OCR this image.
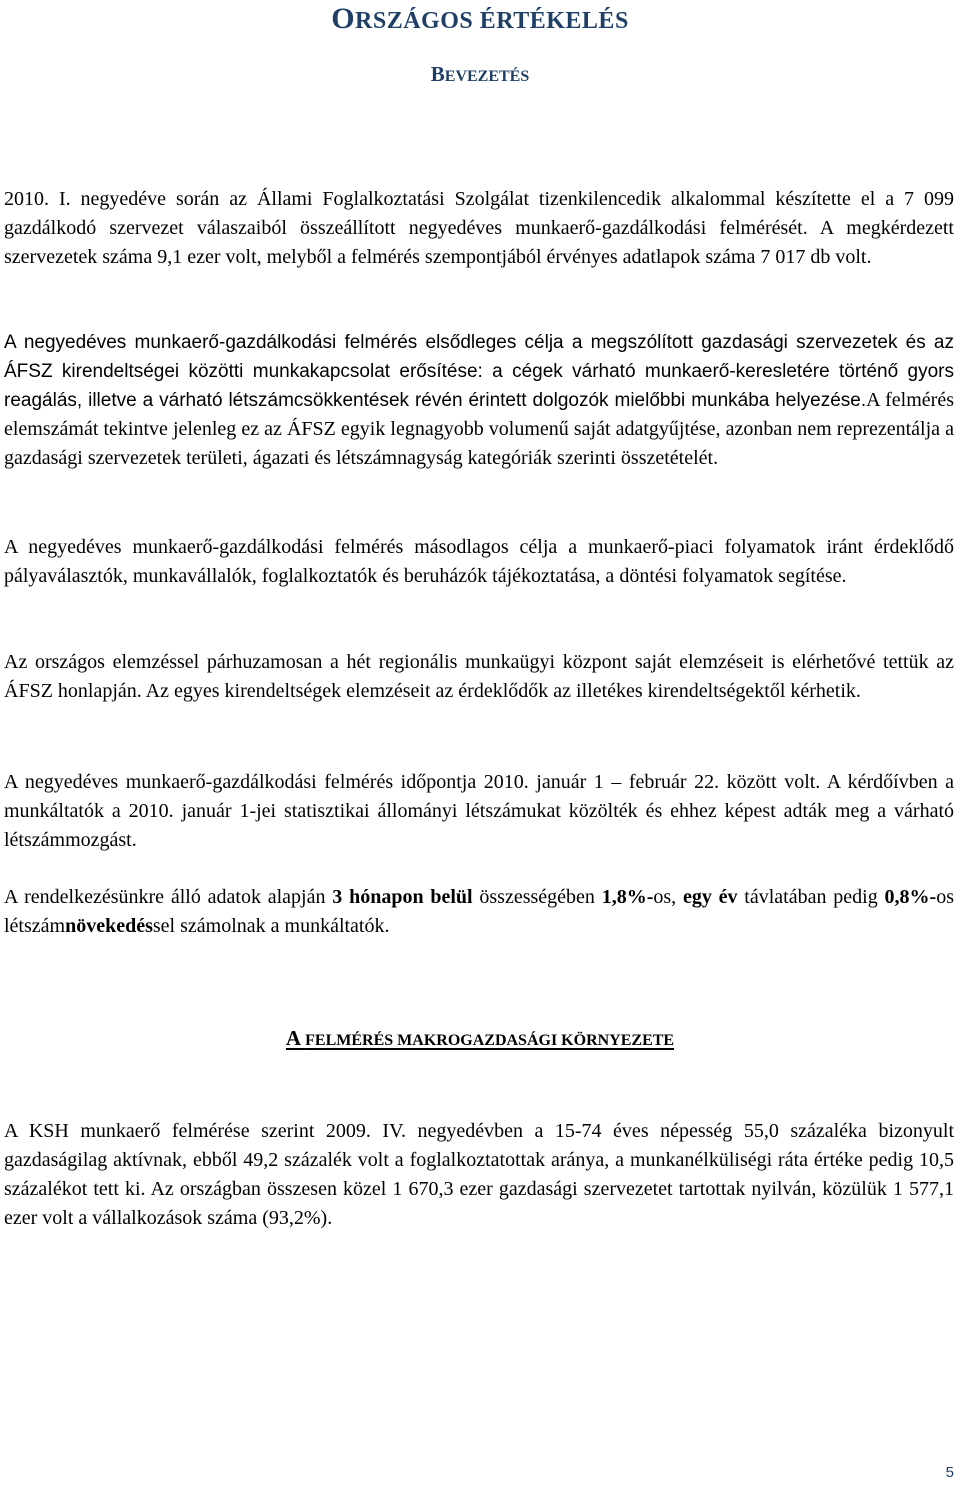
ORSZÁGOS ÉRTÉKELÉS
BEVEZETÉS

2010. I. negyedéve során az Állami Foglalkoztatási Szolgálat tizenkilencedik alkalommal készítette el a 7 099 gazdálkodó szervezet válaszaiból összeállított negyedéves munkaerő-gazdálkodási felmérését. A megkérdezett szervezetek száma 9,1 ezer volt, melyből a felmérés szempontjából érvényes adatlapok száma 7 017 db volt.

A negyedéves munkaerő-gazdálkodási felmérés elsődleges célja a megszólított gazdasági szervezetek és az ÁFSZ kirendeltségei közötti munkakapcsolat erősítése: a cégek várható munkaerő-keresletére történő gyors reagálás, illetve a várható létszámcsökkentések révén érintett dolgozók mielőbbi munkába helyezése.A felmérés elemszámát tekintve jelenleg ez az ÁFSZ egyik legnagyobb volumenű saját adatgyűjtése, azonban nem reprezentálja a gazdasági szervezetek területi, ágazati és létszámnagyság kategóriák szerinti összetételét.

A negyedéves munkaerő-gazdálkodási felmérés másodlagos célja a munkaerő-piaci folyamatok iránt érdeklődő pályaválasztók, munkavállalók, foglalkoztatók és beruházók tájékoztatása, a döntési folyamatok segítése.

Az országos elemzéssel párhuzamosan a hét regionális munkaügyi központ saját elemzéseit is elérhetővé tettük az ÁFSZ honlapján. Az egyes kirendeltségek elemzéseit az érdeklődők az illetékes kirendeltségektől kérhetik.

A negyedéves munkaerő-gazdálkodási felmérés időpontja 2010. január 1 – február 22. között volt. A kérdőívben a munkáltatók a 2010. január 1-jei statisztikai állományi létszámukat közölték és ehhez képest adták meg a várható létszámmozgást.

A rendelkezésünkre álló adatok alapján 3 hónapon belül összességében 1,8%-os, egy év távlatában pedig 0,8%-os létszámnövekedéssel számolnak a munkáltatók.

A FELMÉRÉS MAKROGAZDASÁGI KÖRNYEZETE

A KSH munkaerő felmérése szerint 2009. IV. negyedévben a 15-74 éves népesség 55,0 százaléka bizonyult gazdaságilag aktívnak, ebből 49,2 százalék volt a foglalkoztatottak aránya, a munkanélküliségi ráta értéke pedig 10,5 százalékot tett ki. Az országban összesen közel 1 670,3 ezer gazdasági szervezetet tartottak nyilván, közülük 1 577,1 ezer volt a vállalkozások száma (93,2%).

5
